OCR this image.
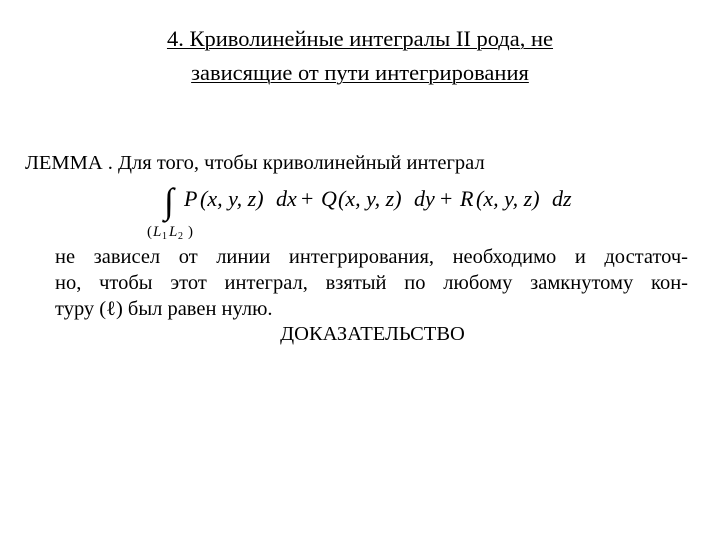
4. Криволинейные интегралы II рода, не
зависящие от пути интегрирования
ЛЕММА . Для того, чтобы криволинейный интеграл
∫ P (x, y, z) dx + Q (x, y, z) dy + R (x, y, z) dz
( L 1 L 2 )
не зависел от линии интегрирования, необходимо и достаточ-
но, чтобы этот интеграл, взятый по любому замкнутому кон-
туру (ℓ) был равен нулю.
ДОКАЗАТЕЛЬСТВО
